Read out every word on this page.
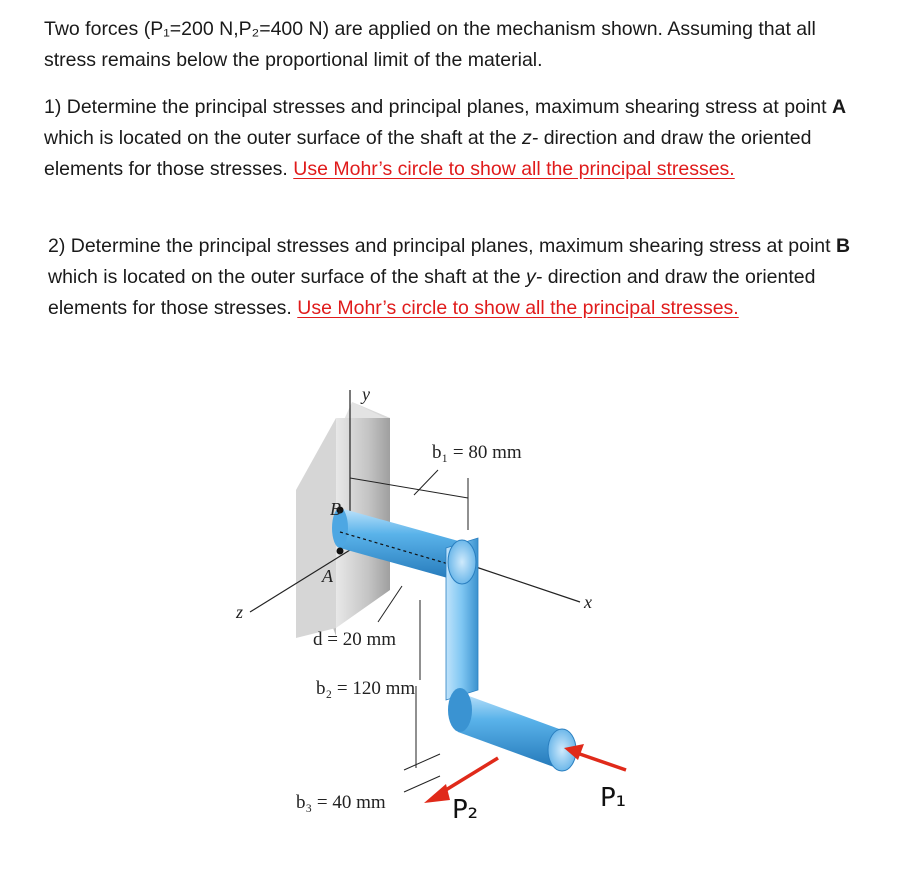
Two forces (P₁=200 N,P₂=400 N) are applied on the mechanism shown. Assuming that all stress remains below the proportional limit of the material.

1) Determine the principal stresses and principal planes, maximum shearing stress at point A which is located on the outer surface of the shaft at the z- direction and draw the oriented elements for those stresses. Use Mohr’s circle to show all the principal stresses.

2) Determine the principal stresses and principal planes, maximum shearing stress at point B which is located on the outer surface of the shaft at the y- direction and draw the oriented elements for those stresses. Use Mohr’s circle to show all the principal stresses.

y
x
z
b₁ = 80 mm
B
A
d = 20 mm
b₂ = 120 mm
b₃ = 40 mm	P₂	P₁
